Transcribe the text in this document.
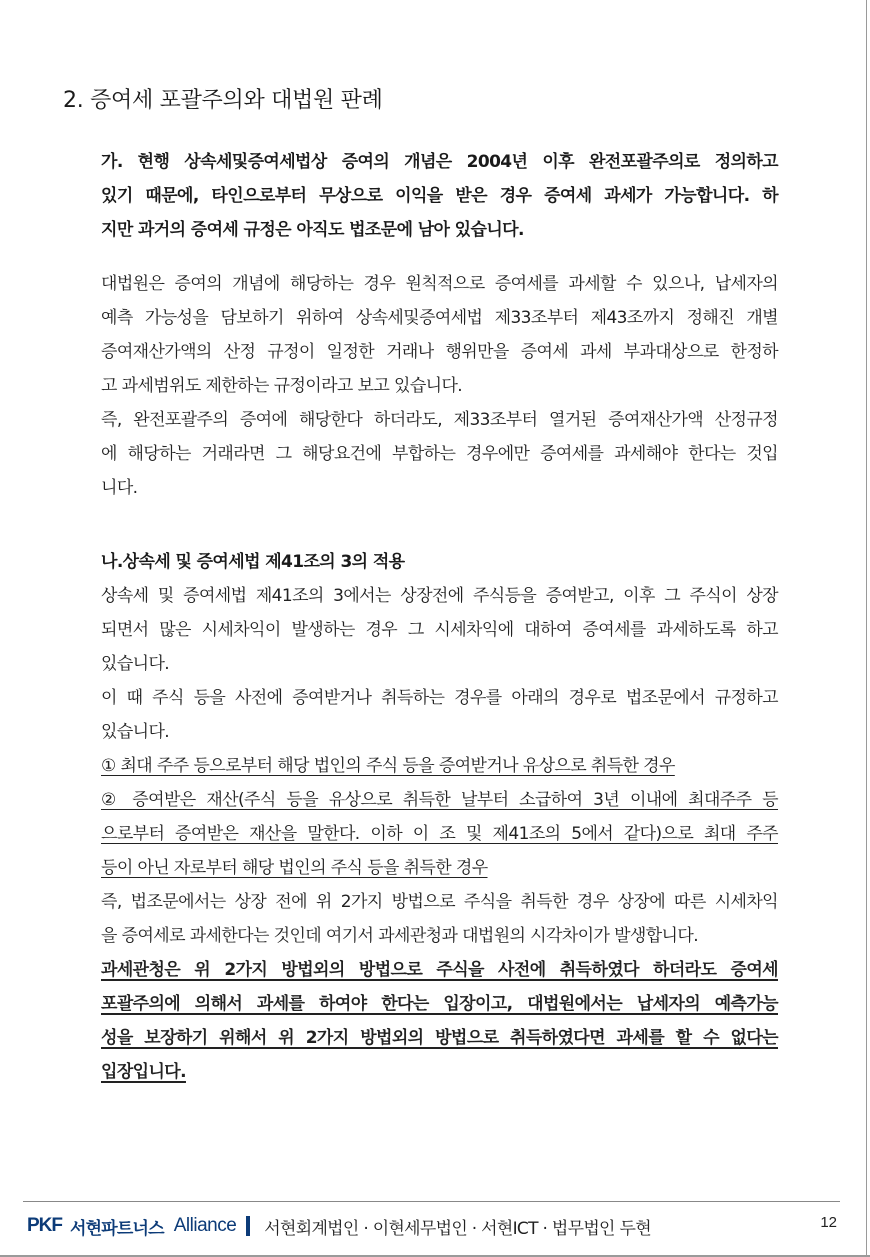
2. 증여세 포괄주의와 대법원 판례
가. 현행 상속세및증여세법상 증여의 개념은 2004년 이후 완전포괄주의로 정의하고
있기 때문에, 타인으로부터 무상으로 이익을 받은 경우 증여세 과세가 가능합니다. 하
지만 과거의 증여세 규정은 아직도 법조문에 남아 있습니다.
대법원은 증여의 개념에 해당하는 경우 원칙적으로 증여세를 과세할 수 있으나, 납세자의
예측 가능성을 담보하기 위하여 상속세및증여세법 제33조부터 제43조까지 정해진 개별
증여재산가액의 산정 규정이 일정한 거래나 행위만을 증여세 과세 부과대상으로 한정하
고 과세범위도 제한하는 규정이라고 보고 있습니다.
즉, 완전포괄주의 증여에 해당한다 하더라도, 제33조부터 열거된 증여재산가액 산정규정
에 해당하는 거래라면 그 해당요건에 부합하는 경우에만 증여세를 과세해야 한다는 것입
니다.
나.상속세 및 증여세법 제41조의 3의 적용
상속세 및 증여세법 제41조의 3에서는 상장전에 주식등을 증여받고, 이후 그 주식이 상장
되면서 많은 시세차익이 발생하는 경우 그 시세차익에 대하여 증여세를 과세하도록 하고
있습니다.
이 때 주식 등을 사전에 증여받거나 취득하는 경우를 아래의 경우로 법조문에서 규정하고
있습니다.
① 최대 주주 등으로부터 해당 법인의 주식 등을 증여받거나 유상으로 취득한 경우
② 증여받은 재산(주식 등을 유상으로 취득한 날부터 소급하여 3년 이내에 최대주주 등
으로부터 증여받은 재산을 말한다. 이하 이 조 및 제41조의 5에서 같다)으로 최대 주주
등이 아닌 자로부터 해당 법인의 주식 등을 취득한 경우
즉, 법조문에서는 상장 전에 위 2가지 방법으로 주식을 취득한 경우 상장에 따른 시세차익
을 증여세로 과세한다는 것인데 여기서 과세관청과 대법원의 시각차이가 발생합니다.
과세관청은 위 2가지 방법외의 방법으로 주식을 사전에 취득하였다 하더라도 증여세
포괄주의에 의해서 과세를 하여야 한다는 입장이고, 대법원에서는 납세자의 예측가능
성을 보장하기 위해서 위 2가지 방법외의 방법으로 취득하였다면 과세를 할 수 없다는
입장입니다.
PKF 서현파트너스 Alliance 서현회계법인 · 이현세무법인 · 서현ICT · 법무법인 두현	12
